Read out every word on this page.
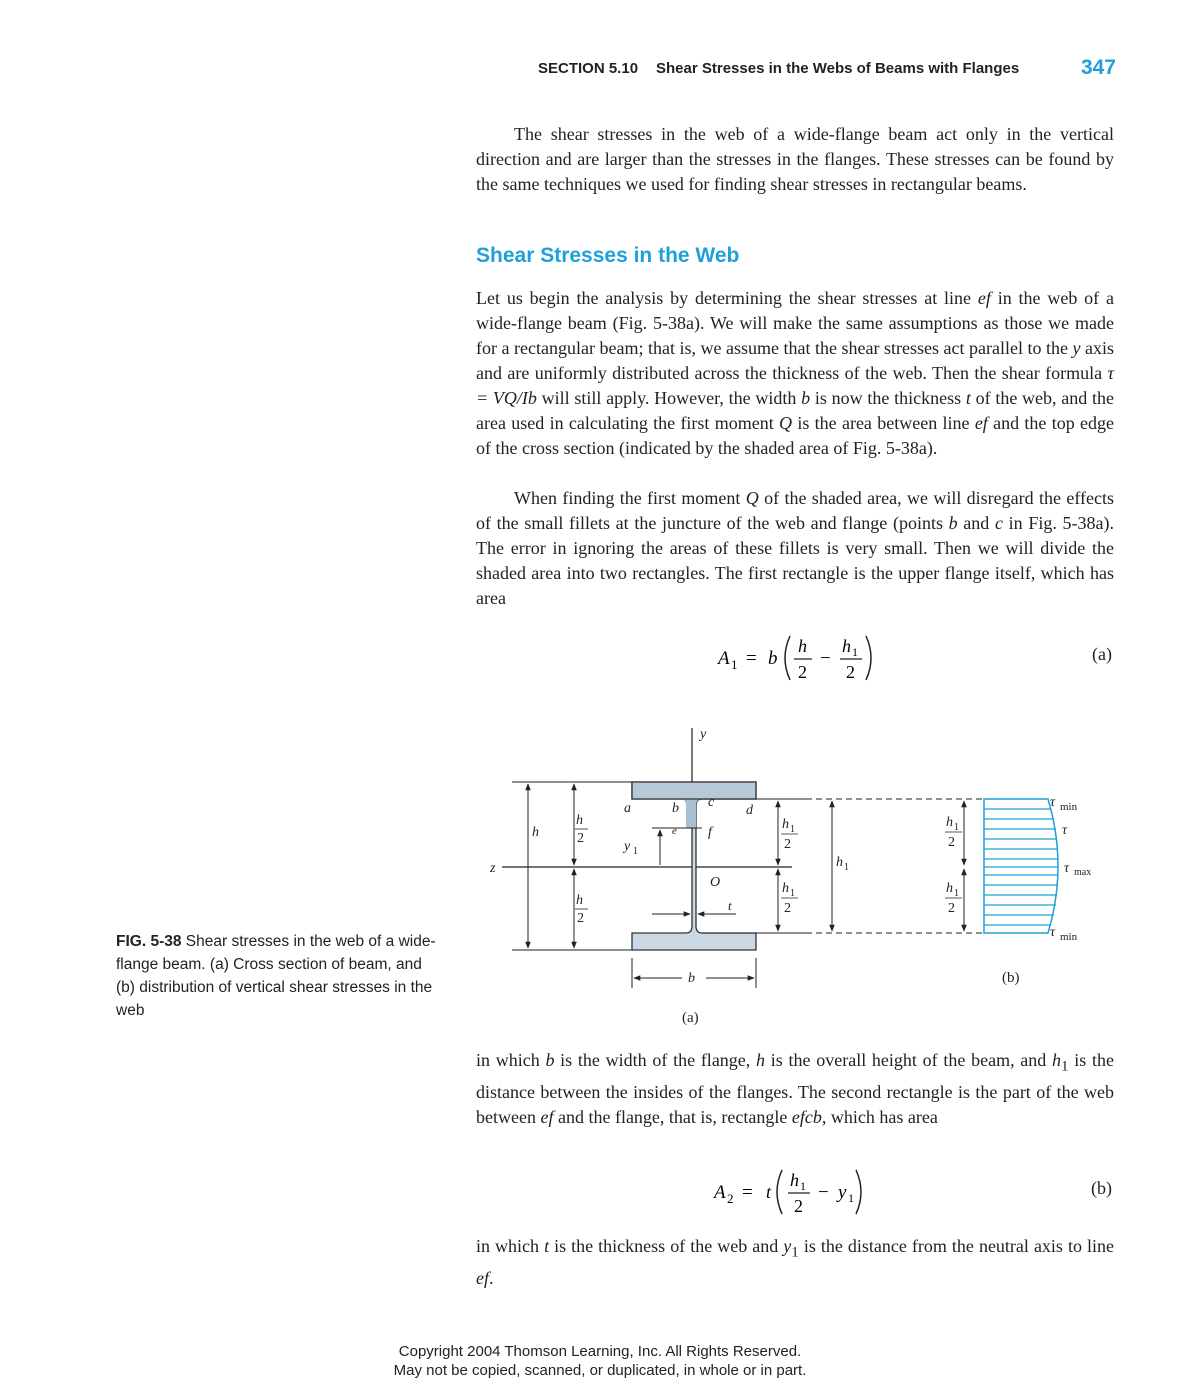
SECTION 5.10 Shear Stresses in the Webs of Beams with Flanges	347

The shear stresses in the web of a wide-flange beam act only in the vertical direction and are larger than the stresses in the flanges. These stresses can be found by the same techniques we used for finding shear stresses in rectangular beams.

Shear Stresses in the Web

Let us begin the analysis by determining the shear stresses at line ef in the web of a wide-flange beam (Fig. 5-38a). We will make the same assumptions as those we made for a rectangular beam; that is, we assume that the shear stresses act parallel to the y axis and are uniformly distributed across the thickness of the web. Then the shear formula τ = VQ/Ib will still apply. However, the width b is now the thickness t of the web, and the area used in calculating the first moment Q is the area between line ef and the top edge of the cross section (indicated by the shaded area of Fig. 5-38a).

When finding the first moment Q of the shaded area, we will disregard the effects of the small fillets at the juncture of the web and flange (points b and c in Fig. 5-38a). The error in ignoring the areas of these fillets is very small. Then we will divide the shaded area into two rectangles. The first rectangle is the upper flange itself, which has area

A 1 = b
h
2
−
h 1
2
(a)
FIG. 5-38 Shear stresses in the web of a wide-flange beam. (a) Cross section of beam, and (b) distribution of vertical shear stresses in the web
y
z
h
h
2
h
2
a	b c
d
e f
O
y 1
t
b
h 1
2
h 1
2
h 1
(a)
h 1
2
h 1
2
τ min
τ
τ max
τ min
(b)

in which b is the width of the flange, h is the overall height of the beam, and $h_1$ is the distance between the insides of the flanges. The second rectangle is the part of the web between ef and the flange, that is, rectangle efcb, which has area

A 2 = t
h 1
2
− y 1	(b)

in which t is the thickness of the web and $y_1$ is the distance from the neutral axis to line ef.

Copyright 2004 Thomson Learning, Inc. All Rights Reserved.
May not be copied, scanned, or duplicated, in whole or in part.
